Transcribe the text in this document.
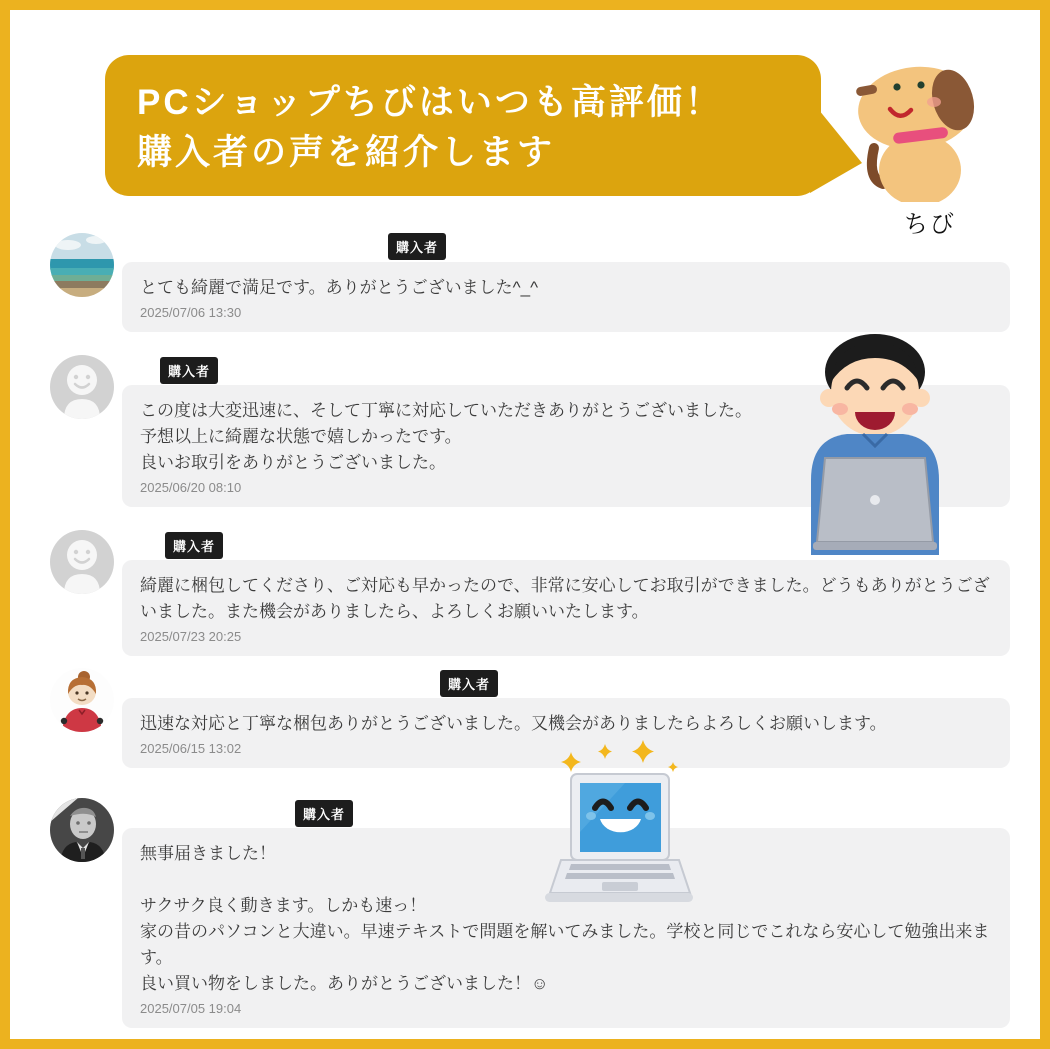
PCショップちびはいつも高評価！
購入者の声を紹介します
ちび
購入者
とても綺麗で満足です。ありがとうございました^_^
2025/07/06 13:30
購入者
この度は大変迅速に、そして丁寧に対応していただきありがとうございました。
予想以上に綺麗な状態で嬉しかったです。
良いお取引をありがとうございました。
2025/06/20 08:10
購入者
綺麗に梱包してくださり、ご対応も早かったので、非常に安心してお取引ができました。どうもありがとうございました。また機会がありましたら、よろしくお願いいたします。
2025/07/23 20:25
購入者
迅速な対応と丁寧な梱包ありがとうございました。又機会がありましたらよろしくお願いします。
2025/06/15 13:02
購入者
無事届きました！
サクサク良く動きます。しかも速っ！
家の昔のパソコンと大違い。早速テキストで問題を解いてみました。学校と同じでこれなら安心して勉強出来ます。
良い買い物をしました。ありがとうございました！☺
2025/07/05 19:04
